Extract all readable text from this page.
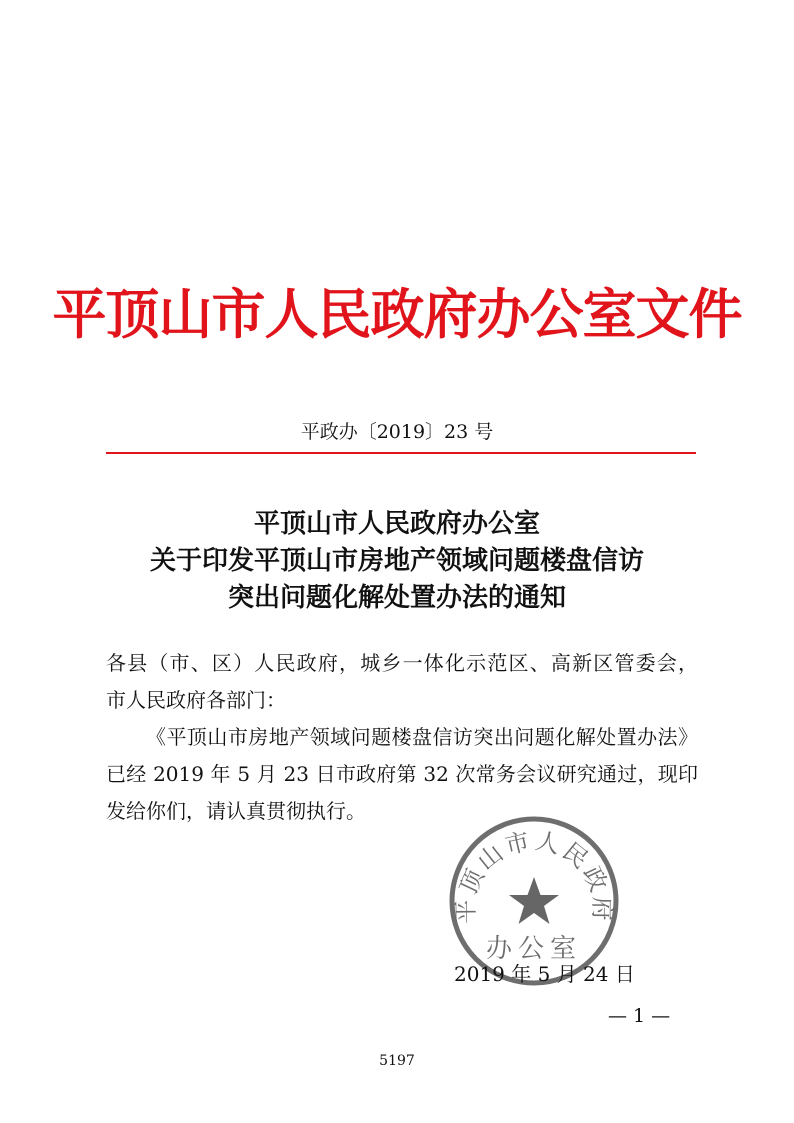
平顶山市人民政府办公室文件
平政办〔2019〕23 号
平顶山市人民政府办公室
关于印发平顶山市房地产领域问题楼盘信访
突出问题化解处置办法的通知
各县（市、区）人民政府，城乡一体化示范区、高新区管委会，
市人民政府各部门：
《平顶山市房地产领域问题楼盘信访突出问题化解处置办法》已经 2019 年 5 月 23 日市政府第 32 次常务会议研究通过，现印发给你们，请认真贯彻执行。
平顶山市人民政府
办公室
2019 年 5 月 24 日
— 1 —
5197
